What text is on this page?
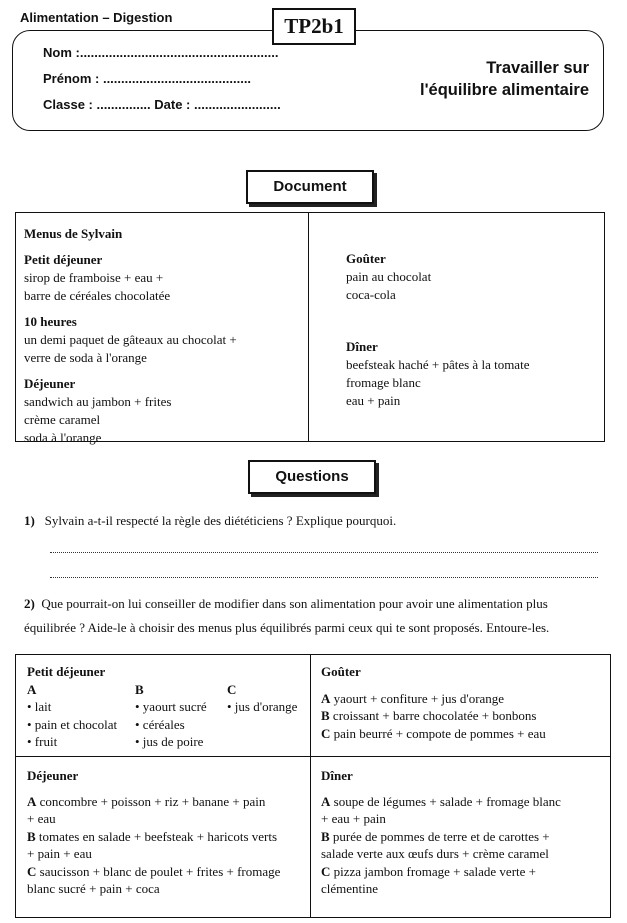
Alimentation – Digestion
Nom :.......................................................
Prénom : .........................................
Classe : ............... Date : ........................
Travailler sur
l'équilibre alimentaire
TP2b1
Document
Menus de Sylvain
Petit déjeuner
sirop de framboise + eau +
barre de céréales chocolatée
10 heures
un demi paquet de gâteaux au chocolat +
verre de soda à l'orange
Déjeuner
sandwich au jambon + frites
crème caramel
soda à l'orange
Goûter
pain au chocolat
coca-cola
Dîner
beefsteak haché + pâtes à la tomate
fromage blanc
eau + pain
Questions
1) Sylvain a-t-il respecté la règle des diététiciens ? Explique pourquoi.
2) Que pourrait-on lui conseiller de modifier dans son alimentation pour avoir une alimentation plus
équilibrée ? Aide-le à choisir des menus plus équilibrés parmi ceux qui te sont proposés. Entoure-les.
Petit déjeuner
A
• lait
• pain et chocolat
• fruit
B
• yaourt sucré
• céréales
• jus de poire
C
• jus d'orange
Goûter
A yaourt + confiture + jus d'orange
B croissant + barre chocolatée + bonbons
C pain beurré + compote de pommes + eau
Déjeuner
A concombre + poisson + riz + banane + pain
+ eau
B tomates en salade + beefsteak + haricots verts
+ pain + eau
C saucisson + blanc de poulet + frites + fromage
blanc sucré + pain + coca
Dîner
A soupe de légumes + salade + fromage blanc
+ eau + pain
B purée de pommes de terre et de carottes +
salade verte aux œufs durs + crème caramel
C pizza jambon fromage + salade verte +
clémentine
